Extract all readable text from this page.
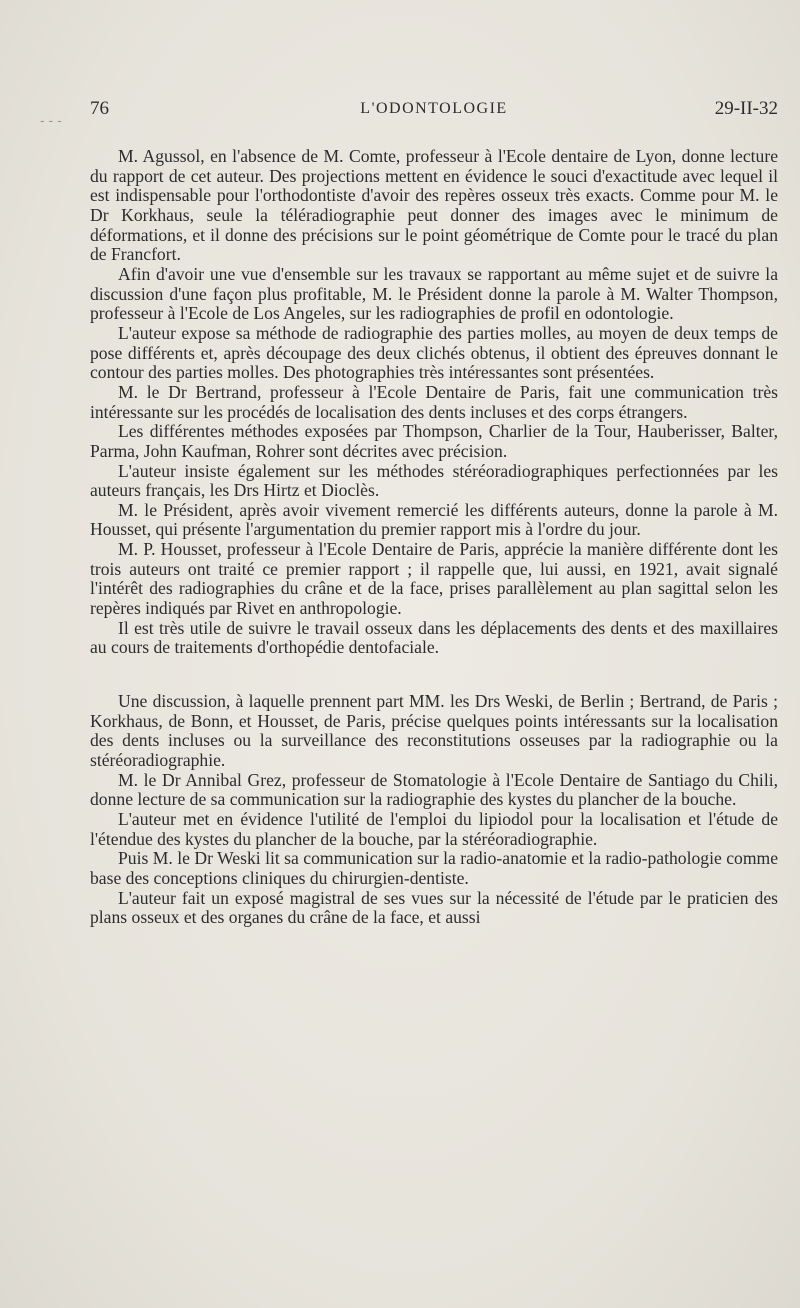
- - -
76	L'ODONTOLOGIE	29-II-32

M. Agussol, en l'absence de M. Comte, professeur à l'Ecole dentaire de Lyon, donne lecture du rapport de cet auteur. Des projections mettent en évidence le souci d'exactitude avec lequel il est indispensable pour l'orthodontiste d'avoir des repères osseux très exacts. Comme pour M. le Dr Korkhaus, seule la téléradiographie peut donner des images avec le minimum de déformations, et il donne des précisions sur le point géométrique de Comte pour le tracé du plan de Francfort.

Afin d'avoir une vue d'ensemble sur les travaux se rapportant au même sujet et de suivre la discussion d'une façon plus profitable, M. le Président donne la parole à M. Walter Thompson, professeur à l'Ecole de Los Angeles, sur les radiographies de profil en odontologie.

L'auteur expose sa méthode de radiographie des parties molles, au moyen de deux temps de pose différents et, après découpage des deux clichés obtenus, il obtient des épreuves donnant le contour des parties molles. Des photographies très intéressantes sont présentées.

M. le Dr Bertrand, professeur à l'Ecole Dentaire de Paris, fait une communication très intéressante sur les procédés de localisation des dents incluses et des corps étrangers.

Les différentes méthodes exposées par Thompson, Charlier de la Tour, Hauberisser, Balter, Parma, John Kaufman, Rohrer sont décrites avec précision.

L'auteur insiste également sur les méthodes stéréoradiographiques perfectionnées par les auteurs français, les Drs Hirtz et Dioclès.

M. le Président, après avoir vivement remercié les différents auteurs, donne la parole à M. Housset, qui présente l'argumentation du premier rapport mis à l'ordre du jour.

M. P. Housset, professeur à l'Ecole Dentaire de Paris, apprécie la manière différente dont les trois auteurs ont traité ce premier rapport ; il rappelle que, lui aussi, en 1921, avait signalé l'intérêt des radiographies du crâne et de la face, prises parallèlement au plan sagittal selon les repères indiqués par Rivet en anthropologie.

Il est très utile de suivre le travail osseux dans les déplacements des dents et des maxillaires au cours de traitements d'orthopédie dentofaciale.

Une discussion, à laquelle prennent part MM. les Drs Weski, de Berlin ; Bertrand, de Paris ; Korkhaus, de Bonn, et Housset, de Paris, précise quelques points intéressants sur la localisation des dents incluses ou la surveillance des reconstitutions osseuses par la radiographie ou la stéréoradiographie.

M. le Dr Annibal Grez, professeur de Stomatologie à l'Ecole Dentaire de Santiago du Chili, donne lecture de sa communication sur la radiographie des kystes du plancher de la bouche.

L'auteur met en évidence l'utilité de l'emploi du lipiodol pour la localisation et l'étude de l'étendue des kystes du plancher de la bouche, par la stéréoradiographie.

Puis M. le Dr Weski lit sa communication sur la radio-anatomie et la radio-pathologie comme base des conceptions cliniques du chirurgien-dentiste.

L'auteur fait un exposé magistral de ses vues sur la nécessité de l'étude par le praticien des plans osseux et des organes du crâne de la face, et aussi
